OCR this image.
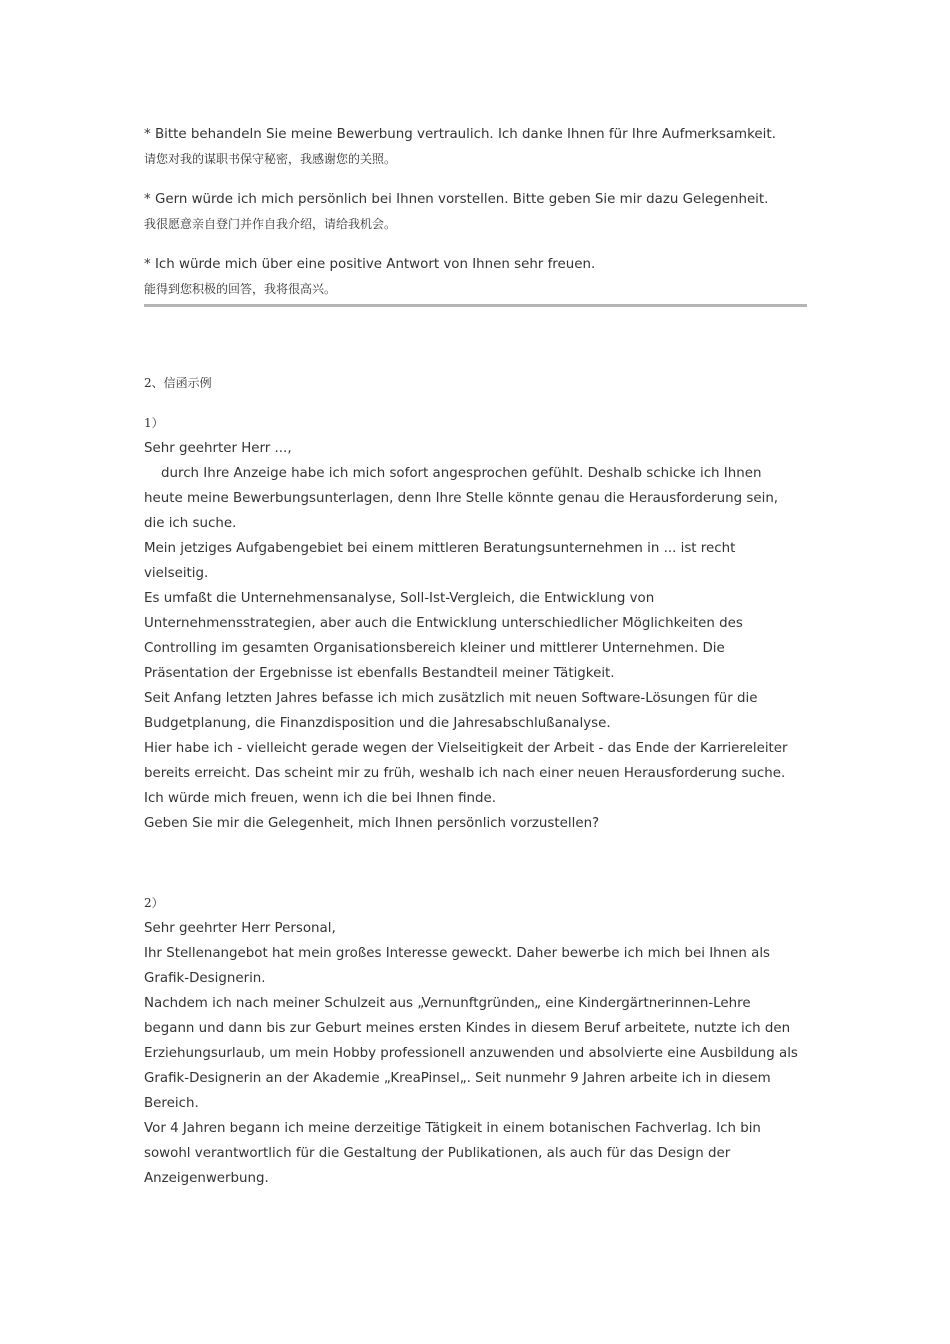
* Bitte behandeln Sie meine Bewerbung vertraulich. Ich danke Ihnen für Ihre Aufmerksamkeit.
请您对我的谋职书保守秘密，我感谢您的关照。
* Gern würde ich mich persönlich bei Ihnen vorstellen. Bitte geben Sie mir dazu Gelegenheit.
我很愿意亲自登门并作自我介绍，请给我机会。
* Ich würde mich über eine positive Antwort von Ihnen sehr freuen.
能得到您积极的回答，我将很高兴。
2、信函示例
1）
Sehr geehrter Herr ...,
durch Ihre Anzeige habe ich mich sofort angesprochen gefühlt. Deshalb schicke ich Ihnen
heute meine Bewerbungsunterlagen, denn Ihre Stelle könnte genau die Herausforderung sein,
die ich suche.
Mein jetziges Aufgabengebiet bei einem mittleren Beratungsunternehmen in ... ist recht
vielseitig.
Es umfaßt die Unternehmensanalyse, Soll-Ist-Vergleich, die Entwicklung von
Unternehmensstrategien, aber auch die Entwicklung unterschiedlicher Möglichkeiten des
Controlling im gesamten Organisationsbereich kleiner und mittlerer Unternehmen. Die
Präsentation der Ergebnisse ist ebenfalls Bestandteil meiner Tätigkeit.
Seit Anfang letzten Jahres befasse ich mich zusätzlich mit neuen Software-Lösungen für die
Budgetplanung, die Finanzdisposition und die Jahresabschlußanalyse.
Hier habe ich - vielleicht gerade wegen der Vielseitigkeit der Arbeit - das Ende der Karriereleiter
bereits erreicht. Das scheint mir zu früh, weshalb ich nach einer neuen Herausforderung suche.
Ich würde mich freuen, wenn ich die bei Ihnen finde.
Geben Sie mir die Gelegenheit, mich Ihnen persönlich vorzustellen?
2）
Sehr geehrter Herr Personal,
Ihr Stellenangebot hat mein großes Interesse geweckt. Daher bewerbe ich mich bei Ihnen als
Grafik-Designerin.
Nachdem ich nach meiner Schulzeit aus „Vernunftgründen„ eine Kindergärtnerinnen-Lehre
begann und dann bis zur Geburt meines ersten Kindes in diesem Beruf arbeitete, nutzte ich den
Erziehungsurlaub, um mein Hobby professionell anzuwenden und absolvierte eine Ausbildung als
Grafik-Designerin an der Akademie „KreaPinsel„. Seit nunmehr 9 Jahren arbeite ich in diesem
Bereich.
Vor 4 Jahren begann ich meine derzeitige Tätigkeit in einem botanischen Fachverlag. Ich bin
sowohl verantwortlich für die Gestaltung der Publikationen, als auch für das Design der
Anzeigenwerbung.
